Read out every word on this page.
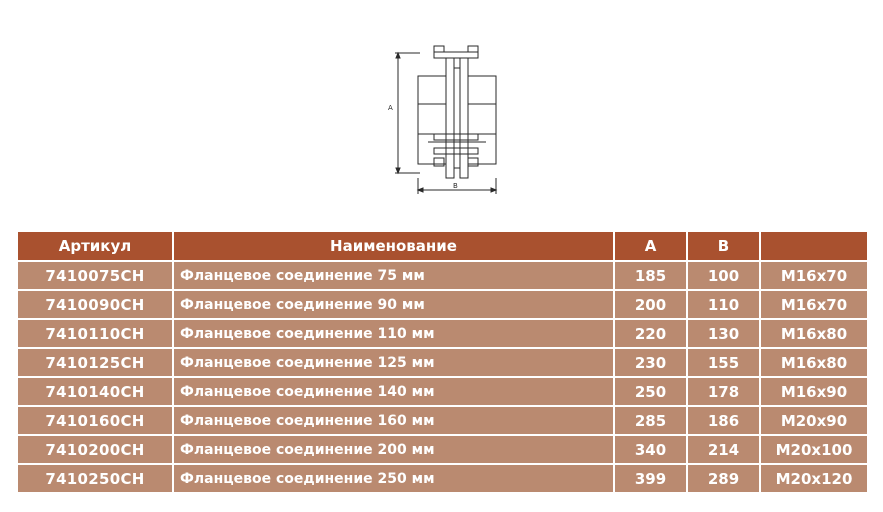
A
B
Артикул	Наименование	A	B	
7410075CH	Фланцевое соединение 75 мм	185	100	M16x70
7410090CH	Фланцевое соединение 90 мм	200	110	M16x70
7410110CH	Фланцевое соединение 110 мм	220	130	M16x80
7410125CH	Фланцевое соединение 125 мм	230	155	M16x80
7410140CH	Фланцевое соединение 140 мм	250	178	M16x90
7410160CH	Фланцевое соединение 160 мм	285	186	M20x90
7410200CH	Фланцевое соединение 200 мм	340	214	M20x100
7410250CH	Фланцевое соединение 250 мм	399	289	M20x120
